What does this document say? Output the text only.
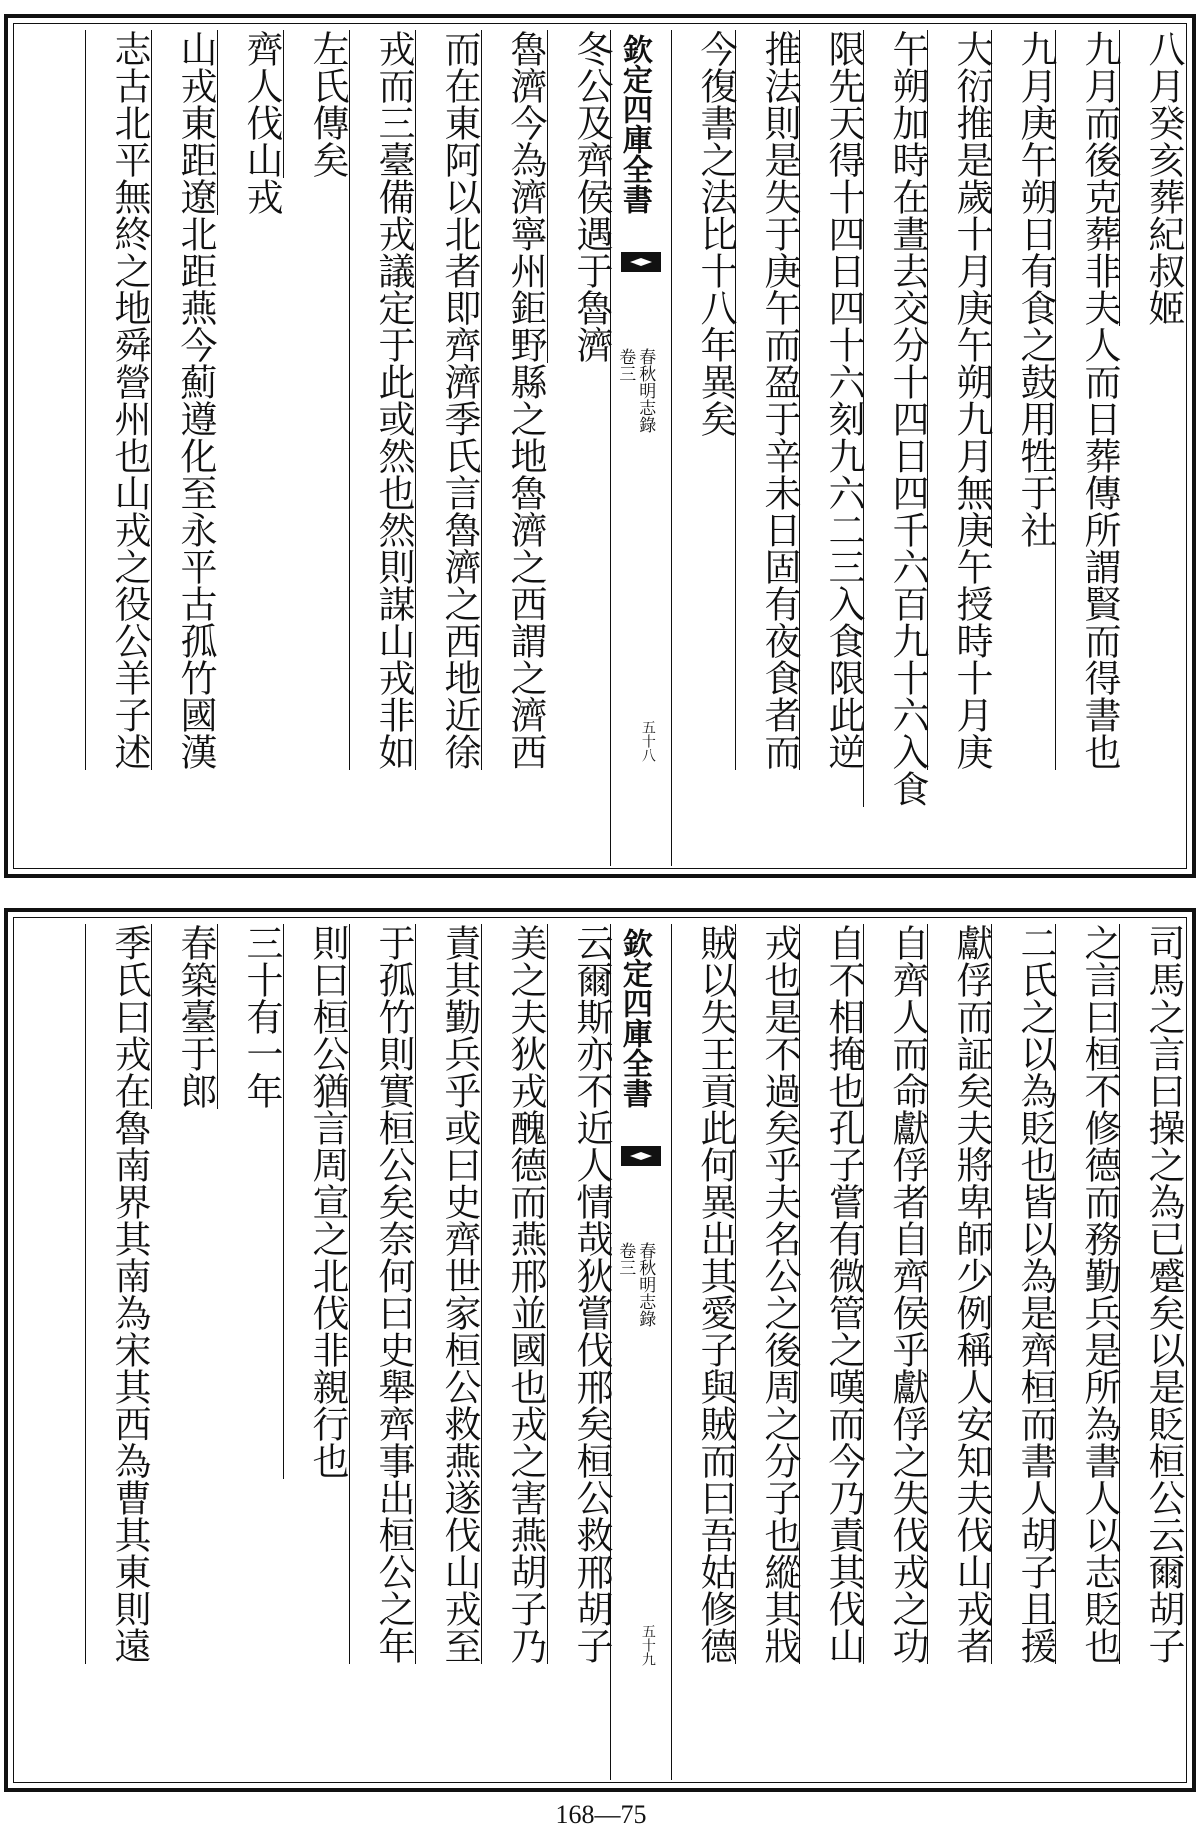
八月癸亥葬紀叔姬
九月而後克葬非夫人而日葬傳所謂賢而得書也
九月庚午朔日有食之鼓用牲于社
大衍推是歲十月庚午朔九月無庚午授時十月庚
午朔加時在晝去交分十四日四千六百九十六入食
限先天得十四日四十六刻九六二三入食限此逆
推法則是失于庚午而盈于辛未日固有夜食者而
今復書之法比十八年異矣
欽定四庫全書
春秋明志錄
卷三
五十八
冬公及齊侯遇于魯濟
魯濟今為濟寧州鉅野縣之地魯濟之西謂之濟西
而在東阿以北者即齊濟季氏言魯濟之西地近徐
戎而三臺備戎議定于此或然也然則謀山戎非如
左氏傳矣
齊人伐山戎
山戎東距遼北距燕今薊遵化至永平古孤竹國漢
志古北平無終之地舜營州也山戎之役公羊子述
司馬之言曰操之為已蹙矣以是貶桓公云爾胡子
之言曰桓不修德而務勤兵是所為書人以志貶也
二氏之以為貶也皆以為是齊桓而書人胡子且援
獻俘而証矣夫將卑師少例稱人安知夫伐山戎者
自齊人而命獻俘者自齊侯乎獻俘之失伐戎之功
自不相掩也孔子嘗有微管之嘆而今乃責其伐山
戎也是不過矣乎夫名公之後周之分子也縱其戕
賊以失王貢此何異出其愛子與賊而曰吾姑修德
欽定四庫全書
春秋明志錄
卷三
五十九
云爾斯亦不近人情哉狄嘗伐邢矣桓公救邢胡子
美之夫狄戎醜德而燕邢並國也戎之害燕胡子乃
責其勤兵乎或曰史齊世家桓公救燕遂伐山戎至
于孤竹則實桓公矣奈何曰史舉齊事出桓公之年
則曰桓公猶言周宣之北伐非親行也
三十有一年
春築臺于郎
季氏曰戎在魯南界其南為宋其西為曹其東則遠
168—75
